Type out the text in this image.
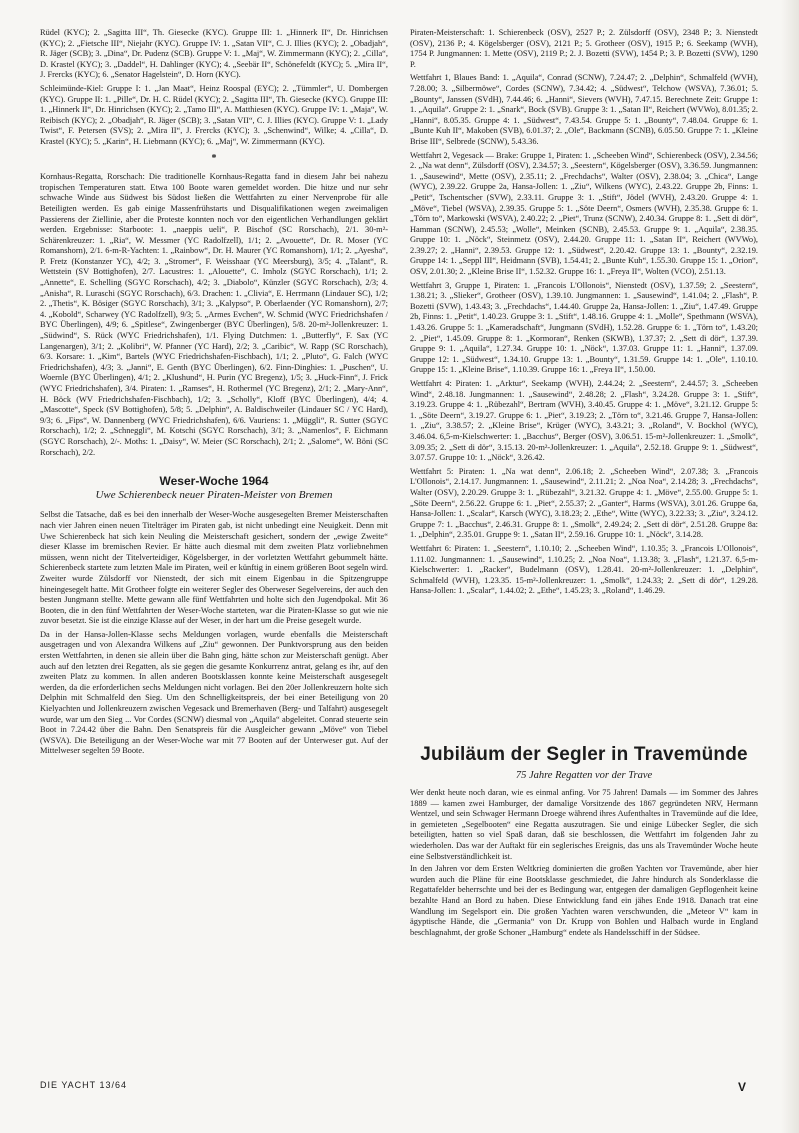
Rüdel (KYC); 2. „Sagitta III“, Th. Giesecke (KYC). Gruppe III: 1. „Hinnerk II“, Dr. Hinrichsen (KYC); 2. „Fietsche III“, Niejahr (KYC). Gruppe IV: 1. „Satan VII“, C. J. Illies (KYC); 2. „Obadjah“, R. Jäger (SCB); 3. „Dina“, Dr. Pudenz (SCB). Gruppe V: 1. „Maj“, W. Zimmermann (KYC); 2. „Cilla“, D. Krastel (KYC); 3. „Daddel“, H. Dahlinger (KYC); 4. „Seebär II“, Schönefeldt (KYC); 5. „Mira II“, J. Frercks (KYC); 6. „Senator Hagelstein“, D. Horn (KYC).

Schleimünde-Kiel: Gruppe I: 1. „Jan Maat“, Heinz Roospal (EYC); 2. „Tümmler“, U. Dombergen (KYC). Gruppe II: 1. „Pille“, Dr. H. C. Rüdel (KYC); 2. „Sagitta III“, Th. Giesecke (KYC). Gruppe III: 1. „Hinnerk II“, Dr. Hinrichsen (KYC); 2. „Tamo III“, A. Matthiesen (KYC). Gruppe IV: 1. „Maja“, W. Reibisch (KYC); 2. „Obadjah“, R. Jäger (SCB); 3. „Satan VII“, C. J. Illies (KYC). Gruppe V: 1. „Lady Twist“, F. Petersen (SVS); 2. „Mira II“, J. Frercks (KYC); 3. „Schenwind“, Wilke; 4. „Cilla“, D. Krastel (KYC); 5. „Karin“, H. Liebmann (KYC); 6. „Maj“, W. Zimmermann (KYC).

*

Kornhaus-Regatta, Rorschach: Die traditionelle Kornhaus-Regatta fand in diesem Jahr bei nahezu tropischen Temperaturen statt. Etwa 100 Boote waren gemeldet worden. Die hitze und nur sehr schwache Winde aus Südwest bis Südost ließen die Wettfahrten zu einer Nervenprobe für alle Beteiligten werden. Es gab einige Massenfrühstarts und Disqualifikationen wegen zweimaligen Passierens der Ziellinie, aber die Proteste konnten noch vor den eigentlichen Verhandlungen geklärt werden. Ergebnisse: Starboote: 1. „naeppis ueli“, P. Bischof (SC Rorschach), 2/1. 30-m²-Schärenkreuzer: 1. „Ria“, W. Messmer (YC Radolfzell), 1/1; 2. „Avouette“, Dr. R. Moser (YC Romanshorn), 2/1. 6-m-R-Yachten: 1. „Rainbow“, Dr. H. Maurer (YC Romanshorn), 1/1; 2. „Ayesha“, P. Fretz (Konstanzer YC), 4/2; 3. „Stromer“, F. Weisshaar (YC Meersburg), 3/5; 4. „Talant“, R. Wettstein (SV Bottighofen), 2/7. Lacustres: 1. „Alouette“, C. Imholz (SGYC Rorschach), 1/1; 2. „Annette“, E. Schelling (SGYC Rorschach), 4/2; 3. „Diabolo“, Künzler (SGYC Rorschach), 2/3; 4. „Anisha“, R. Luraschi (SGYC Rorschach), 6/3. Drachen: 1. „Clivia“, E. Herrmann (Lindauer SC), 1/2; 2. „Thetis“, K. Bösiger (SGYC Rorschach), 3/1; 3. „Kalypso“, P. Oberlaender (YC Romanshorn), 2/7; 4. „Kobold“, Scharwey (YC Radolfzell), 9/3; 5. „Armes Evchen“, W. Schmid (WYC Friedrichshafen / BYC Überlingen), 4/9; 6. „Spitlese“, Zwingenberger (BYC Überlingen), 5/8. 20-m²-Jollenkreuzer: 1. „Südwind“, S. Rück (WYC Friedrichshafen), 1/1. Flying Dutchmen: 1. „Butterfly“, F. Sax (YC Langenargen), 3/1; 2. „Kolibri“, W. Pfanner (YC Hard), 2/2; 3. „Caribic“, W. Rapp (SC Rorschach), 6/3. Korsare: 1. „Kim“, Bartels (WYC Friedrichshafen-Fischbach), 1/1; 2. „Pluto“, G. Falch (WYC Friedrichshafen), 4/3; 3. „Janni“, E. Genth (BYC Überlingen), 6/2. Finn-Dinghies: 1. „Puschen“, U. Woernle (BYC Überlingen), 4/1; 2. „Klushund“, H. Purin (YC Bregenz), 1/5; 3. „Huck-Finn“, J. Frick (WYC Friedrichshafen), 3/4. Piraten: 1. „Ramses“, H. Rothermel (YC Bregenz), 2/1; 2. „Mary-Ann“, H. Böck (WV Friedrichshafen-Fischbach), 1/2; 3. „Scholly“, Kloff (BYC Überlingen), 4/4; 4. „Mascotte“, Speck (SV Bottighofen), 5/8; 5. „Delphin“, A. Baldischweiler (Lindauer SC / YC Hard), 9/3; 6. „Fips“, W. Dannenberg (WYC Friedrichshafen), 6/6. Vauriens: 1. „Müggli“, R. Sutter (SGYC Rorschach), 1/2; 2. „Schneggli“, M. Kotschi (SGYC Rorschach), 3/1; 3. „Namenlos“, F. Eichmann (SGYC Rorschach), 2/-. Moths: 1. „Daisy“, W. Meier (SC Rorschach), 2/1; 2. „Salome“, W. Böni (SC Rorschach), 2/2.

Weser-Woche 1964
Uwe Schierenbeck neuer Piraten-Meister von Bremen

Selbst die Tatsache, daß es bei den innerhalb der Weser-Woche ausgesegelten Bremer Meisterschaften nach vier Jahren einen neuen Titelträger im Piraten gab, ist nicht unbedingt eine Neuigkeit. Denn mit Uwe Schierenbeck hat sich kein Neuling die Meisterschaft gesichert, sondern der „ewige Zweite“ dieser Klasse im bremischen Revier. Er hätte auch diesmal mit dem zweiten Platz vorliebnehmen müssen, wenn nicht der Titelverteidiger, Kögelsberger, in der vorletzten Wettfahrt gebummelt hätte. Schierenbeck startete zum letzten Male im Piraten, weil er künftig in einem größeren Boot segeln wird. Zweiter wurde Zülsdorff vor Nienstedt, der sich mit einem Eigenbau in die Spitzengruppe hineingesegelt hatte. Mit Grotheer folgte ein weiterer Segler des Oberweser Segelvereins, der auch den besten Jungmann stellte. Mette gewann alle fünf Wettfahrten und holte sich den Jugendpokal. Mit 36 Booten, die in den fünf Wettfahrten der Weser-Woche starteten, war die Piraten-Klasse so gut wie nie zuvor besetzt. Sie ist die einzige Klasse auf der Weser, in der hart um die Preise gesegelt wurde.

Da in der Hansa-Jollen-Klasse sechs Meldungen vorlagen, wurde ebenfalls die Meisterschaft ausgetragen und von Alexandra Wilkens auf „Ziu“ gewonnen. Der Punktvorsprung aus den beiden ersten Wettfahrten, in denen sie allein über die Bahn ging, hätte schon zur Meisterschaft genügt. Aber auch auf den letzten drei Regatten, als sie gegen die gesamte Konkurrenz antrat, gelang es ihr, auf den zweiten Platz zu kommen. In allen anderen Bootsklassen konnte keine Meisterschaft ausgesegelt werden, da die erforderlichen sechs Meldungen nicht vorlagen. Bei den 20er Jollenkreuzern holte sich Delphin mit Schmalfeld den Sieg. Um den Schnelligkeitspreis, der bei einer Beteiligung von 20 Kielyachten und Jollenkreuzern zwischen Vegesack und Bremerhaven (Berg- und Talfahrt) ausgesegelt wurde, war um den Sieg ... Vor Cordes (SCNW) diesmal von „Aquila“ abgeleitet. Conrad steuerte sein Boot in 7.24.42 über die Bahn. Den Senatspreis für die Ausgleicher gewann „Möve“ von Tiebel (WSVA). Die Beteiligung an der Weser-Woche war mit 77 Booten auf der Unterweser gut. Auf der Mittelweser segelten 59 Boote.

Piraten-Meisterschaft: 1. Schierenbeck (OSV), 2527 P.; 2. Zülsdorff (OSV), 2348 P.; 3. Nienstedt (OSV), 2136 P.; 4. Kögelsberger (OSV), 2121 P.; 5. Grotheer (OSV), 1915 P.; 6. Seekamp (WVH), 1754 P. Jungmannen: 1. Mette (OSV), 2119 P.; 2. J. Bozetti (SVW), 1454 P.; 3. P. Bozetti (SVW), 1290 P.

Wettfahrt 1, Blaues Band: 1. „Aquila“, Conrad (SCNW), 7.24.47; 2. „Delphin“, Schmalfeld (WVH), 7.28.00; 3. „Silbermöwe“, Cordes (SCNW), 7.34.42; 4. „Südwest“, Telchow (WSVA), 7.36.01; 5. „Bounty“, Janssen (SVdH), 7.44.46; 6. „Hanni“, Sievers (WVH), 7.47.15. Berechnete Zeit: Gruppe 1: 1. „Aquila“. Gruppe 2: 1. „Snark“, Bock (SVB). Gruppe 3: 1. „Satan II“, Reichert (WVWo), 8.01.35; 2. „Hanni“, 8.05.35. Gruppe 4: 1. „Südwest“, 7.43.54. Gruppe 5: 1. „Bounty“, 7.48.04. Gruppe 6: 1. „Bunte Kuh II“, Makoben (SVB), 6.01.37; 2. „Ole“, Backmann (SCNB), 6.05.50. Gruppe 7: 1. „Kleine Brise III“, Selbrede (SCNW), 5.43.36.

Wettfahrt 2, Vegesack — Brake: Gruppe 1, Piraten: 1. „Scheeben Wind“, Schierenbeck (OSV), 2.34.56; 2. „Na wat denn“, Zülsdorff (OSV), 2.34.57; 3. „Seestern“, Kögelsberger (OSV), 3.36.59. Jungmannen: 1. „Sausewind“, Mette (OSV), 2.35.11; 2. „Frechdachs“, Walter (OSV), 2.38.04; 3. „Chica“, Lange (WYC), 2.39.22. Gruppe 2a, Hansa-Jollen: 1. „Ziu“, Wilkens (WYC), 2.43.22. Gruppe 2b, Finns: 1. „Petit“, Tschentscher (SVW), 2.33.11. Gruppe 3: 1. „Stift“, Jödel (WVH), 2.43.20. Gruppe 4: 1. „Möve“, Tiebel (WSVA), 2.39.35. Gruppe 5: 1. „Söte Deern“, Osmers (WVH), 2.35.38. Gruppe 6: 1. „Törn to“, Markowski (WSVA), 2.40.22; 2. „Piet“, Trunz (SCNW), 2.40.34. Gruppe 8: 1. „Sett di dör“, Hamman (SCNW), 2.45.53; „Wolle“, Meinken (SCNB), 2.45.53. Gruppe 9: 1. „Aquila“, 2.38.35. Gruppe 10: 1. „Nöck“, Steinmetz (OSV), 2.44.20. Gruppe 11: 1. „Satan II“, Reichert (WVWo), 2.39.27; 2. „Hanni“, 2.39.53. Gruppe 12: 1. „Südwest“, 2.20.42. Gruppe 13: 1. „Bounty“, 2.32.19. Gruppe 14: 1. „Seppl III“, Heidmann (SVB), 1.54.41; 2. „Bunte Kuh“, 1.55.30. Gruppe 15: 1. „Orion“, OSV, 2.01.30; 2. „Kleine Brise II“, 1.52.32. Gruppe 16: 1. „Freya II“, Wolten (VCO), 2.51.13.

Wettfahrt 3, Gruppe 1, Piraten: 1. „Francois L'Ollonois“, Nienstedt (OSV), 1.37.59; 2. „Seestern“, 1.38.21; 3. „Slieker“, Grotheer (OSV), 1.39.10. Jungmannen: 1. „Sausewind“, 1.41.04; 2. „Flash“, P. Bozetti (SVW), 1.43.43; 3. „Frechdachs“, 1.44.40. Gruppe 2a, Hansa-Jollen: 1. „Ziu“, 1.47.49. Gruppe 2b, Finns: 1. „Petit“, 1.40.23. Gruppe 3: 1. „Stift“, 1.48.16. Gruppe 4: 1. „Molle“, Spethmann (WSVA), 1.43.26. Gruppe 5: 1. „Kameradschaft“, Jungmann (SVdH), 1.52.28. Gruppe 6: 1. „Törn to“, 1.43.20; 2. „Piet“, 1.45.09. Gruppe 8: 1. „Kormoran“, Renken (SKWB), 1.37.37; 2. „Sett di dör“, 1.37.39. Gruppe 9: 1. „Aquila“, 1.27.34. Gruppe 10: 1. „Nöck“, 1.37.03. Gruppe 11: 1. „Hanni“, 1.37.09. Gruppe 12: 1. „Südwest“, 1.34.10. Gruppe 13: 1. „Bounty“, 1.31.59. Gruppe 14: 1. „Ole“, 1.10.10. Gruppe 15: 1. „Kleine Brise“, 1.10.39. Gruppe 16: 1. „Freya II“, 1.50.00.

Wettfahrt 4: Piraten: 1. „Arktur“, Seekamp (WVH), 2.44.24; 2. „Seestern“, 2.44.57; 3. „Scheeben Wind“, 2.48.18. Jungmannen: 1. „Sausewind“, 2.48.28; 2. „Flash“, 3.24.28. Gruppe 3: 1. „Stift“, 3.19.23. Gruppe 4: 1. „Rübezahl“, Bertram (WVH), 3.40.45. Gruppe 4: 1. „Möve“, 3.21.12. Gruppe 5: 1. „Söte Deern“, 3.19.27. Gruppe 6: 1. „Piet“, 3.19.23; 2. „Törn to“, 3.21.46. Gruppe 7, Hansa-Jollen: 1. „Ziu“, 3.38.57; 2. „Kleine Brise“, Krüger (WYC), 3.43.21; 3. „Roland“, V. Bockhol (WYC), 3.46.04. 6,5-m-Kielschwerter: 1. „Bacchus“, Berger (OSV), 3.06.51. 15-m²-Jollenkreuzer: 1. „Smolk“, 3.09.35; 2. „Sett di dör“, 3.15.13. 20-m²-Jollenkreuzer: 1. „Aquila“, 2.52.18. Gruppe 9: 1. „Südwest“, 3.07.57. Gruppe 10: 1. „Nöck“, 3.26.42.

Wettfahrt 5: Piraten: 1. „Na wat denn“, 2.06.18; 2. „Scheeben Wind“, 2.07.38; 3. „Francois L'Ollonois“, 2.14.17. Jungmannen: 1. „Sausewind“, 2.11.21; 2. „Noa Noa“, 2.14.28; 3. „Frechdachs“, Walter (OSV), 2.20.29. Gruppe 3: 1. „Rübezahl“, 3.21.32. Gruppe 4: 1. „Möve“, 2.55.00. Gruppe 5: 1. „Söte Deern“, 2.56.22. Gruppe 6: 1. „Piet“, 2.55.37; 2. „Ganter“, Harms (WSVA), 3.01.26. Gruppe 6a, Hansa-Jollen: 1. „Scalar“, Karsch (WYC), 3.18.23; 2. „Ethe“, Witte (WYC), 3.22.33; 3. „Ziu“, 3.24.12. Gruppe 7: 1. „Bacchus“, 2.46.31. Gruppe 8: 1. „Smolk“, 2.49.24; 2. „Sett di dör“, 2.51.28. Gruppe 8a: 1. „Delphin“, 2.35.01. Gruppe 9: 1. „Satan II“, 2.59.16. Gruppe 10: 1. „Nöck“, 3.14.28.

Wettfahrt 6: Piraten: 1. „Seestern“, 1.10.10; 2. „Scheeben Wind“, 1.10.35; 3. „Francois L'Ollonois“, 1.11.02. Jungmannen: 1. „Sausewind“, 1.10.25; 2. „Noa Noa“, 1.13.38; 3. „Flash“, 1.21.37. 6,5-m-Kielschwerter: 1. „Racker“, Budelmann (OSV), 1.28.41. 20-m²-Jollenkreuzer: 1. „Delphin“, Schmalfeld (WVH), 1.23.35. 15-m²-Jollenkreuzer: 1. „Smolk“, 1.24.33; 2. „Sett di dör“, 1.29.28. Hansa-Jollen: 1. „Scalar“, 1.44.02; 2. „Ethe“, 1.45.23; 3. „Roland“, 1.46.29.

Jubiläum der Segler in Travemünde
75 Jahre Regatten vor der Trave

Wer denkt heute noch daran, wie es einmal anfing. Vor 75 Jahren! Damals — im Sommer des Jahres 1889 — kamen zwei Hamburger, der damalige Vorsitzende des 1867 gegründeten NRV, Hermann Wentzel, und sein Schwager Hermann Droege während ihres Aufenthaltes in Travemünde auf die Idee, in gemieteten „Segelbooten“ eine Regatta auszutragen. Sie und einige Lübecker Segler, die sich beteiligten, hatten so viel Spaß daran, daß sie beschlossen, die Wettfahrt im folgenden Jahr zu wiederholen. Das war der Auftakt für ein seglerisches Ereignis, das uns als Travemünder Woche heute eine Selbstverständlichkeit ist.

In den Jahren vor dem Ersten Weltkrieg dominierten die großen Yachten vor Travemünde, aber hier wurden auch die Pläne für eine Bootsklasse geschmiedet, die Jahre hindurch als Sonderklasse die Regattafelder beherrschte und bei der es Bedingung war, entgegen der damaligen Gepflogenheit keine bezahlte Hand an Bord zu haben. Diese Entwicklung fand ein jähes Ende 1918. Danach trat eine Wandlung im Segelsport ein. Die großen Yachten waren verschwunden, die „Meteor V“ kam in ägyptische Hände, die „Germania“ von Dr. Krupp von Bohlen und Halbach wurde in England beschlagnahmt, der große Schoner „Hamburg“ endete als Handelsschiff in der Südsee.

DIE YACHT 13/64	V
